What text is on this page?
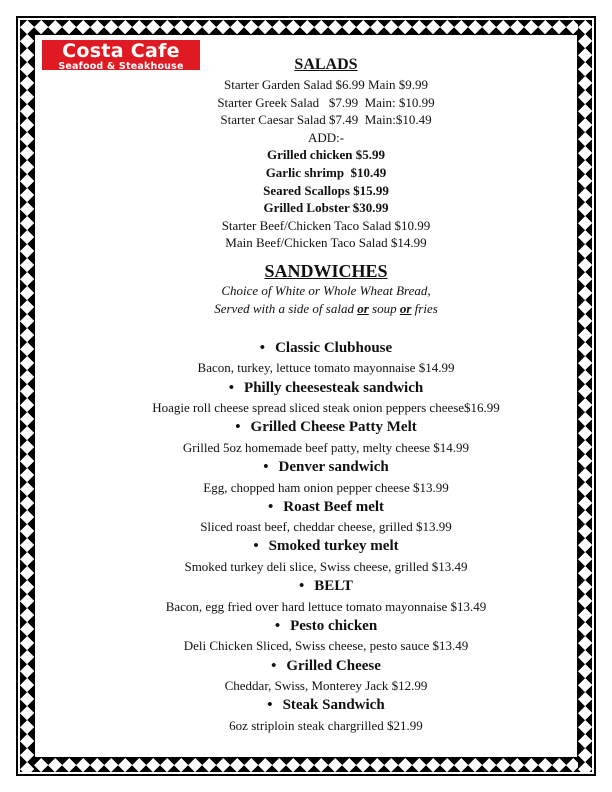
Costa Cafe
Seafood & Steakhouse	SALADS
Starter Garden Salad $6.99 Main $9.99
Starter Greek Salad   $7.99  Main: $10.99
Starter Caesar Salad $7.49  Main:$10.49
ADD:-
Grilled chicken $5.99
Garlic shrimp  $10.49
Seared Scallops $15.99
Grilled Lobster $30.99
Starter Beef/Chicken Taco Salad $10.99
Main Beef/Chicken Taco Salad $14.99
SANDWICHES
Choice of White or Whole Wheat Bread,
Served with a side of salad or soup or fries
• Classic Clubhouse
Bacon, turkey, lettuce tomato mayonnaise $14.99
• Philly cheesesteak sandwich
Hoagie roll cheese spread sliced steak onion peppers cheese$16.99
• Grilled Cheese Patty Melt
Grilled 5oz homemade beef patty, melty cheese $14.99
• Denver sandwich
Egg, chopped ham onion pepper cheese $13.99
• Roast Beef melt
Sliced roast beef, cheddar cheese, grilled $13.99
• Smoked turkey melt
Smoked turkey deli slice, Swiss cheese, grilled $13.49
• BELT
Bacon, egg fried over hard lettuce tomato mayonnaise $13.49
• Pesto chicken
Deli Chicken Sliced, Swiss cheese, pesto sauce $13.49
• Grilled Cheese
Cheddar, Swiss, Monterey Jack $12.99
• Steak Sandwich
6oz striploin steak chargrilled $21.99
